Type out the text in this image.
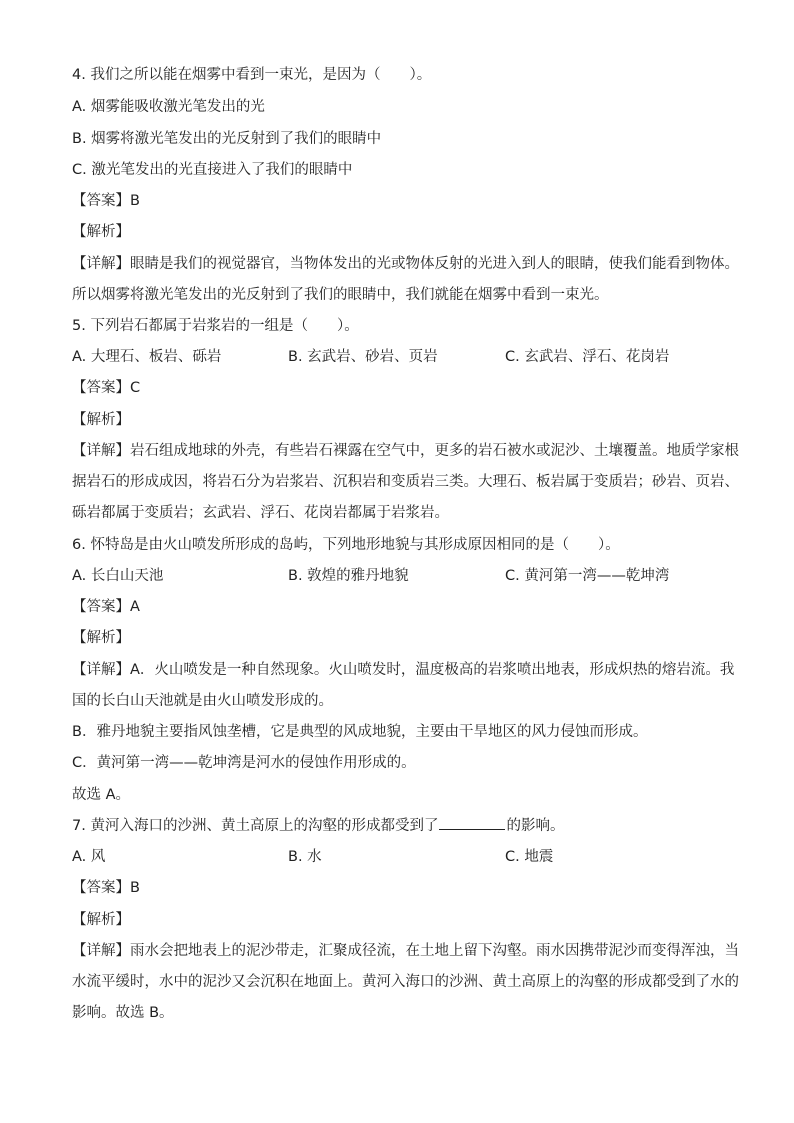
4. 我们之所以能在烟雾中看到一束光，是因为（　　）。
A. 烟雾能吸收激光笔发出的光
B. 烟雾将激光笔发出的光反射到了我们的眼睛中
C. 激光笔发出的光直接进入了我们的眼睛中
【答案】B
【解析】
【详解】眼睛是我们的视觉器官，当物体发出的光或物体反射的光进入到人的眼睛，使我们能看到物体。
所以烟雾将激光笔发出的光反射到了我们的眼睛中，我们就能在烟雾中看到一束光。
5. 下列岩石都属于岩浆岩的一组是（　　）。
A. 大理石、板岩、砾岩	B. 玄武岩、砂岩、页岩	C. 玄武岩、浮石、花岗岩
【答案】C
【解析】
【详解】岩石组成地球的外壳，有些岩石裸露在空气中，更多的岩石被水或泥沙、土壤覆盖。地质学家根
据岩石的形成成因，将岩石分为岩浆岩、沉积岩和变质岩三类。大理石、板岩属于变质岩；砂岩、页岩、
砾岩都属于变质岩；玄武岩、浮石、花岗岩都属于岩浆岩。
6. 怀特岛是由火山喷发所形成的岛屿，下列地形地貌与其形成原因相同的是（　　）。
A. 长白山天池	B. 敦煌的雅丹地貌	C. 黄河第一湾——乾坤湾
【答案】A
【解析】
【详解】A．火山喷发是一种自然现象。火山喷发时，温度极高的岩浆喷出地表，形成炽热的熔岩流。我
国的长白山天池就是由火山喷发形成的。
B．雅丹地貌主要指风蚀垄槽，它是典型的风成地貌，主要由干旱地区的风力侵蚀而形成。
C．黄河第一湾——乾坤湾是河水的侵蚀作用形成的。
故选 A。
7. 黄河入海口的沙洲、黄土高原上的沟壑的形成都受到了	的影响。
A. 风	B. 水	C. 地震
【答案】B
【解析】
【详解】雨水会把地表上的泥沙带走，汇聚成径流，在土地上留下沟壑。雨水因携带泥沙而变得浑浊，当
水流平缓时，水中的泥沙又会沉积在地面上。黄河入海口的沙洲、黄土高原上的沟壑的形成都受到了水的
影响。故选 B。
